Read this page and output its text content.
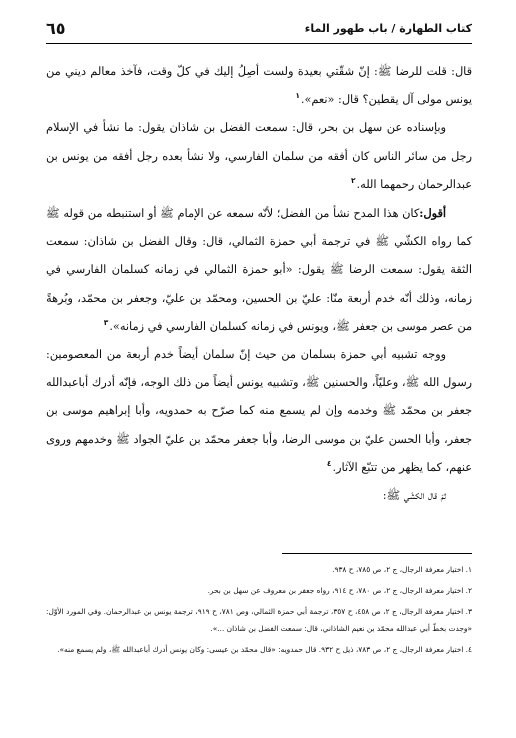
كتاب الطهارة / باب طهور الماء
٦٥

قال: قلت للرضا ﷺ: إنّ شقّتي بعيدة ولست أصِلُ إليك في كلّ وقت، فآخذ معالم ديني من يونس مولى آل يقطين؟ قال: «نعم».$^١$

وبإسناده عن سهل بن بحر، قال: سمعت الفضل بن شاذان يقول: ما نشأ في الإسلام رجل من سائر الناس كان أفقه من سلمان الفارسي، ولا نشأ بعده رجل أفقه من يونس بن عبدالرحمان رحمهما الله.$^٢$

أقول:كان هذا المدح نشأ من الفضل؛ لأنّه سمعه عن الإمام ﷺ أو استنبطه من قوله ﷺ كما رواه الكشّي ﷺ في ترجمة أبي حمزة الثمالي، قال: وقال الفضل بن شاذان: سمعت الثقة يقول: سمعت الرضا ﷺ يقول: «أبو حمزة الثمالي في زمانه كسلمان الفارسي في زمانه، وذلك أنّه خدم أربعة منّا: عليّ بن الحسين، ومحمّد بن عليّ، وجعفر بن محمّد، وبُرهةً من عصر موسى بن جعفر ﷺ، ويونس في زمانه كسلمان الفارسي في زمانه».$^٣$

ووجه تشبيه أبي حمزة بسلمان من حيث إنّ سلمان أيضاً خدم أربعة من المعصومين: رسول الله ﷺ، وعليّاً، والحسنين ﷺ، وتشبيه يونس أيضاً من ذلك الوجه، فإنّه أدرك أباعبدالله جعفر بن محمّد ﷺ وخدمه وإن لم يسمع منه كما صرّح به حمدويه، وأبا إبراهيم موسى بن جعفر، وأبا الحسن عليّ بن موسى الرضا، وأبا جعفر محمّد بن عليّ الجواد ﷺ وخدمهم وروى عنهم، كما يظهر من تتبّع الآثار.$^٤$

ثمّ قال الكشّي ﷺ:

١. اختيار معرفة الرجال، ج ٢، ص ٧٨٥، ح ٩٣٨.

٢. اختيار معرفة الرجال، ج ٢، ص ٧٨٠، ح ٩١٤، رواه جعفر بن معروف عن سهل بن بحر.

٣. اختيار معرفة الرجال، ج ٢، ص ٤٥٨، ح ٣٥٧، ترجمة أبي حمزة الثمالي، وص ٧٨١، ح ٩١٩، ترجمة يونس بن عبدالرحمان. وفي المورد الأوّل: «وجدت بخطّ أبي عبدالله محمّد بن نعيم الشاذاني، قال: سمعت الفضل بن شاذان ...».

٤. اختيار معرفة الرجال، ج ٢، ص ٧٨٣، ذيل ح ٩٣٢. قال حمدويه: «قال محمّد بن عيسى: وكان يونس أدرك أباعبدالله ﷺ، ولم يسمع منه».
